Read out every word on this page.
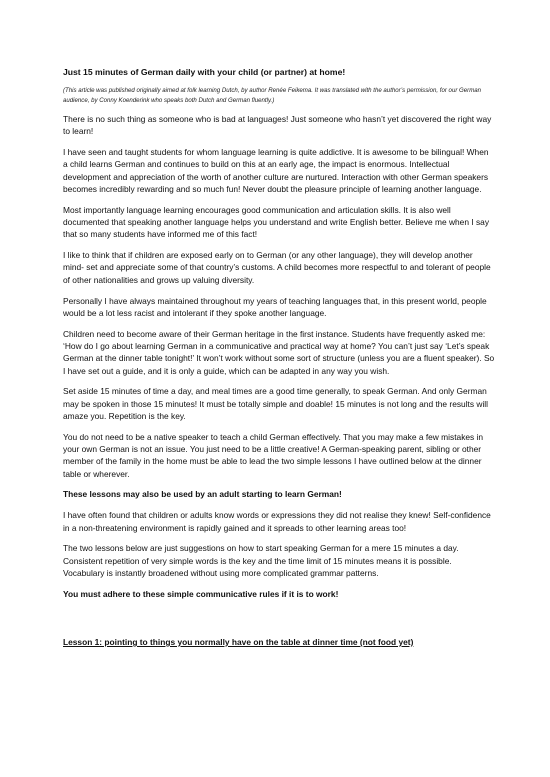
Just 15 minutes of German daily with your child (or partner) at home!
(This article was published originally aimed at folk learning Dutch, by author Renée Feikema. It was translated with the author’s permission, for our German audience, by Conny Koenderink who speaks both Dutch and German fluently.)

There is no such thing as someone who is bad at languages! Just someone who hasn’t yet discovered the right way to learn!

I have seen and taught students for whom language learning is quite addictive. It is awesome to be bilingual! When a child learns German and continues to build on this at an early age, the impact is enormous. Intellectual development and appreciation of the worth of another culture are nurtured. Interaction with other German speakers becomes incredibly rewarding and so much fun! Never doubt the pleasure principle of learning another language.

Most importantly language learning encourages good communication and articulation skills. It is also well documented that speaking another language helps you understand and write English better. Believe me when I say that so many students have informed me of this fact!

I like to think that if children are exposed early on to German (or any other language), they will develop another mind- set and appreciate some of that country’s customs. A child becomes more respectful to and tolerant of people of other nationalities and grows up valuing diversity.

Personally I have always maintained throughout my years of teaching languages that, in this present world, people would be a lot less racist and intolerant if they spoke another language.

Children need to become aware of their German heritage in the first instance. Students have frequently asked me: ‘How do I go about learning German in a communicative and practical way at home? You can’t just say ‘Let’s speak German at the dinner table tonight!’ It won’t work without some sort of structure (unless you are a fluent speaker). So I have set out a guide, and it is only a guide, which can be adapted in any way you wish.

Set aside 15 minutes of time a day, and meal times are a good time generally, to speak German. And only German may be spoken in those 15 minutes! It must be totally simple and doable! 15 minutes is not long and the results will amaze you. Repetition is the key.

You do not need to be a native speaker to teach a child German effectively. That you may make a few mistakes in your own German is not an issue. You just need to be a little creative! A German-speaking parent, sibling or other member of the family in the home must be able to lead the two simple lessons I have outlined below at the dinner table or wherever.

These lessons may also be used by an adult starting to learn German!

I have often found that children or adults know words or expressions they did not realise they knew! Self-confidence in a non-threatening environment is rapidly gained and it spreads to other learning areas too!

The two lessons below are just suggestions on how to start speaking German for a mere 15 minutes a day. Consistent repetition of very simple words is the key and the time limit of 15 minutes means it is possible. Vocabulary is instantly broadened without using more complicated grammar patterns.

You must adhere to these simple communicative rules if it is to work!

Lesson 1: pointing to things you normally have on the table at dinner time (not food yet)
